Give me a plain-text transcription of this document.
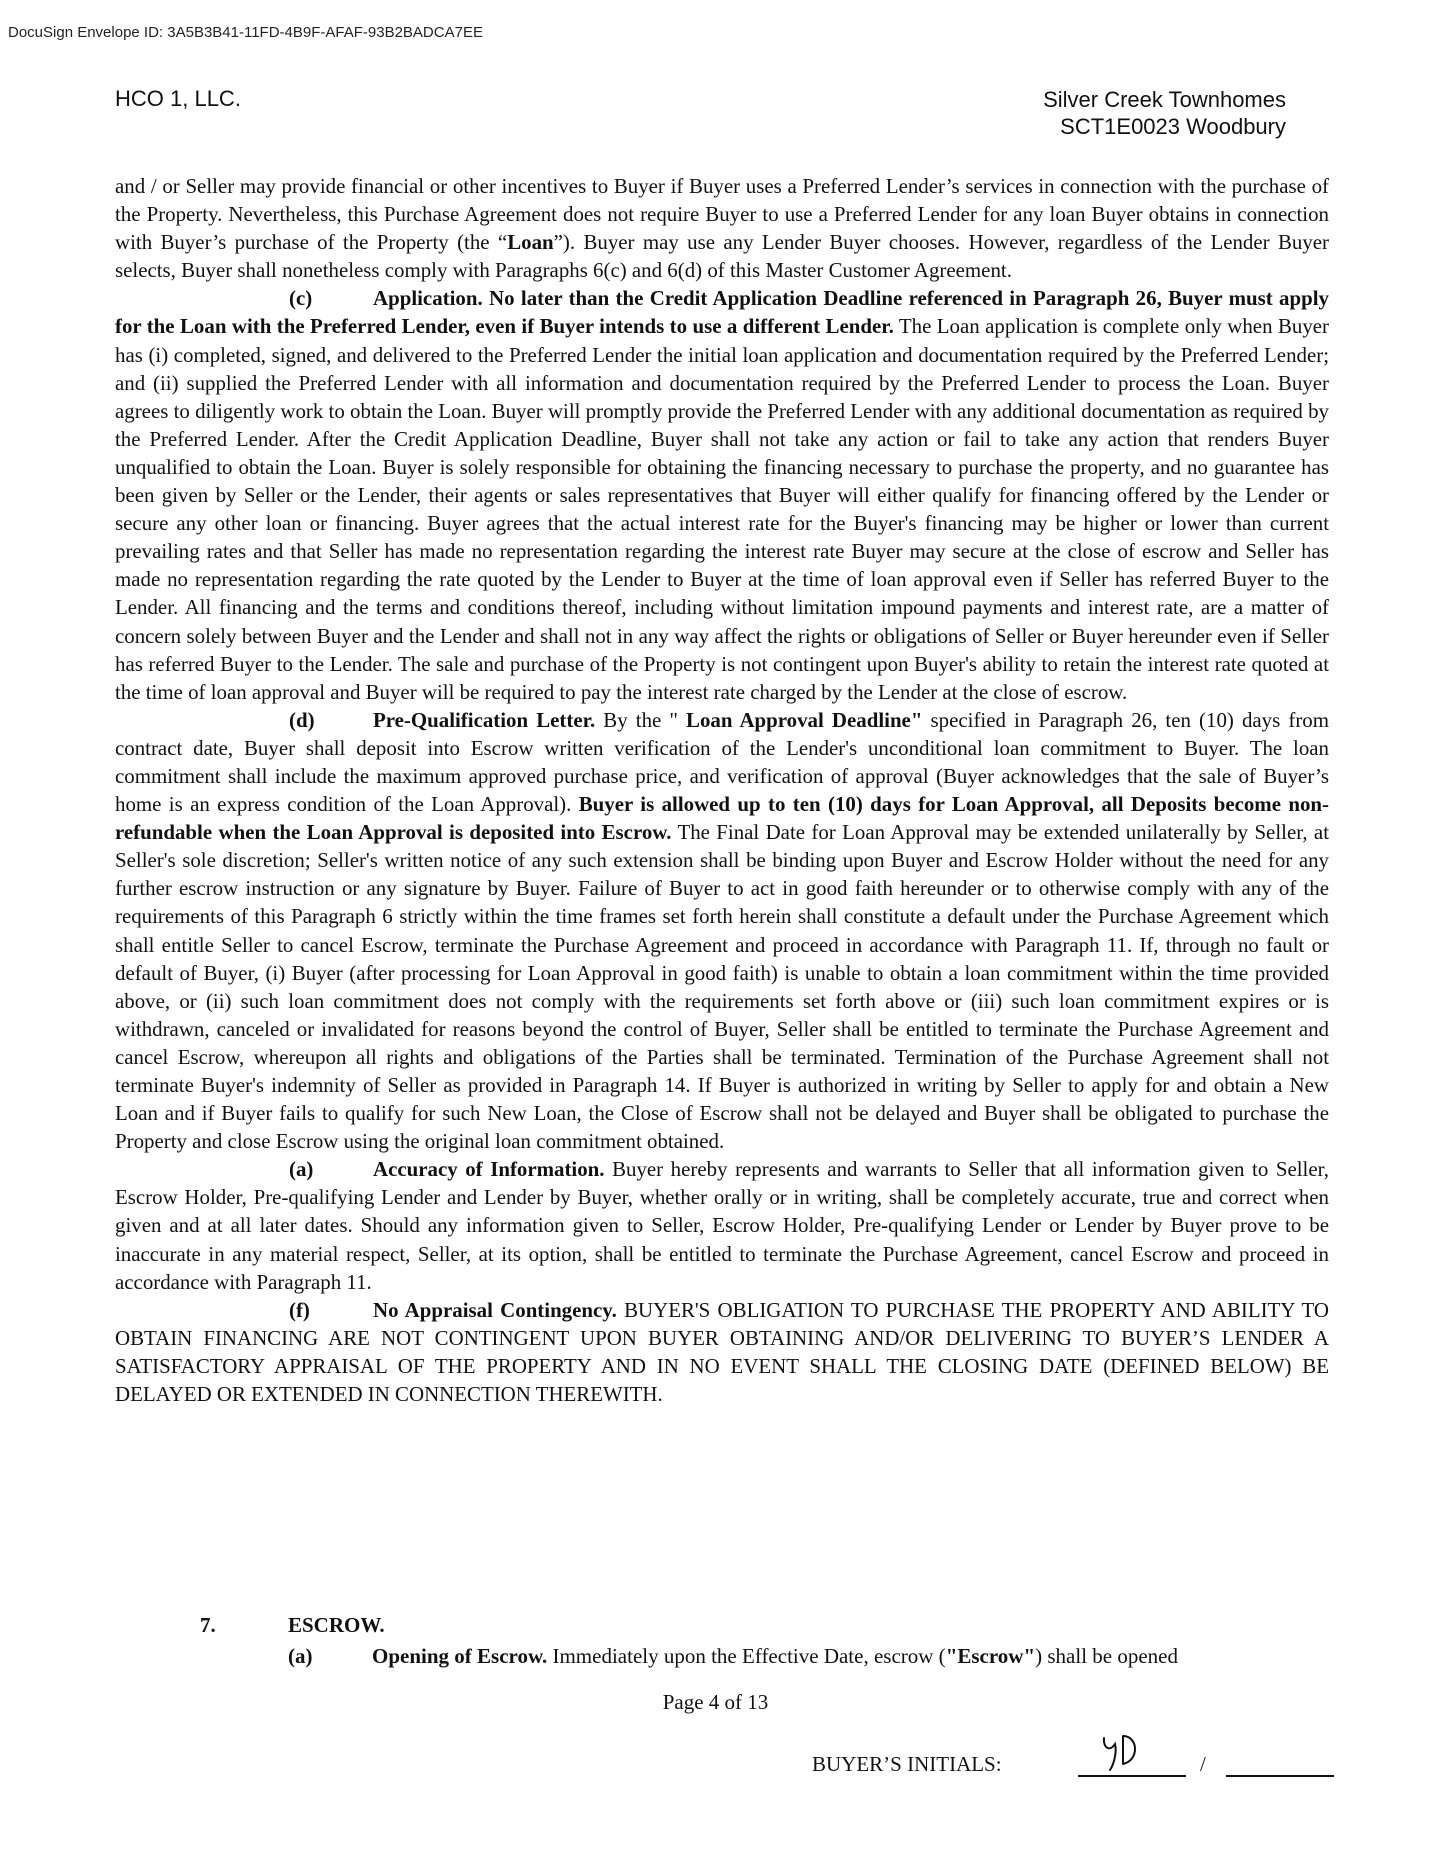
DocuSign Envelope ID: 3A5B3B41-11FD-4B9F-AFAF-93B2BADCA7EE
HCO 1, LLC.	Silver Creek Townhomes
SCT1E0023 Woodbury

and / or Seller may provide financial or other incentives to Buyer if Buyer uses a Preferred Lender’s services in connection with the purchase of the Property. Nevertheless, this Purchase Agreement does not require Buyer to use a Preferred Lender for any loan Buyer obtains in connection with Buyer’s purchase of the Property (the “Loan”). Buyer may use any Lender Buyer chooses. However, regardless of the Lender Buyer selects, Buyer shall nonetheless comply with Paragraphs 6(c) and 6(d) of this Master Customer Agreement.

(c)	Application. No later than the Credit Application Deadline referenced in Paragraph 26, Buyer must apply for the Loan with the Preferred Lender, even if Buyer intends to use a different Lender. The Loan application is complete only when Buyer has (i) completed, signed, and delivered to the Preferred Lender the initial loan application and documentation required by the Preferred Lender; and (ii) supplied the Preferred Lender with all information and documentation required by the Preferred Lender to process the Loan. Buyer agrees to diligently work to obtain the Loan. Buyer will promptly provide the Preferred Lender with any additional documentation as required by the Preferred Lender. After the Credit Application Deadline, Buyer shall not take any action or fail to take any action that renders Buyer unqualified to obtain the Loan. Buyer is solely responsible for obtaining the financing necessary to purchase the property, and no guarantee has been given by Seller or the Lender, their agents or sales representatives that Buyer will either qualify for financing offered by the Lender or secure any other loan or financing. Buyer agrees that the actual interest rate for the Buyer's financing may be higher or lower than current prevailing rates and that Seller has made no representation regarding the interest rate Buyer may secure at the close of escrow and Seller has made no representation regarding the rate quoted by the Lender to Buyer at the time of loan approval even if Seller has referred Buyer to the Lender. All financing and the terms and conditions thereof, including without limitation impound payments and interest rate, are a matter of concern solely between Buyer and the Lender and shall not in any way affect the rights or obligations of Seller or Buyer hereunder even if Seller has referred Buyer to the Lender. The sale and purchase of the Property is not contingent upon Buyer's ability to retain the interest rate quoted at the time of loan approval and Buyer will be required to pay the interest rate charged by the Lender at the close of escrow.

(d)	Pre-Qualification Letter. By the " Loan Approval Deadline" specified in Paragraph 26, ten (10) days from contract date, Buyer shall deposit into Escrow written verification of the Lender's unconditional loan commitment to Buyer. The loan commitment shall include the maximum approved purchase price, and verification of approval (Buyer acknowledges that the sale of Buyer’s home is an express condition of the Loan Approval). Buyer is allowed up to ten (10) days for Loan Approval, all Deposits become non-refundable when the Loan Approval is deposited into Escrow. The Final Date for Loan Approval may be extended unilaterally by Seller, at Seller's sole discretion; Seller's written notice of any such extension shall be binding upon Buyer and Escrow Holder without the need for any further escrow instruction or any signature by Buyer. Failure of Buyer to act in good faith hereunder or to otherwise comply with any of the requirements of this Paragraph 6 strictly within the time frames set forth herein shall constitute a default under the Purchase Agreement which shall entitle Seller to cancel Escrow, terminate the Purchase Agreement and proceed in accordance with Paragraph 11. If, through no fault or default of Buyer, (i) Buyer (after processing for Loan Approval in good faith) is unable to obtain a loan commitment within the time provided above, or (ii) such loan commitment does not comply with the requirements set forth above or (iii) such loan commitment expires or is withdrawn, canceled or invalidated for reasons beyond the control of Buyer, Seller shall be entitled to terminate the Purchase Agreement and cancel Escrow, whereupon all rights and obligations of the Parties shall be terminated. Termination of the Purchase Agreement shall not terminate Buyer's indemnity of Seller as provided in Paragraph 14. If Buyer is authorized in writing by Seller to apply for and obtain a New Loan and if Buyer fails to qualify for such New Loan, the Close of Escrow shall not be delayed and Buyer shall be obligated to purchase the Property and close Escrow using the original loan commitment obtained.

(a)	Accuracy of Information. Buyer hereby represents and warrants to Seller that all information given to Seller, Escrow Holder, Pre-qualifying Lender and Lender by Buyer, whether orally or in writing, shall be completely accurate, true and correct when given and at all later dates. Should any information given to Seller, Escrow Holder, Pre-qualifying Lender or Lender by Buyer prove to be inaccurate in any material respect, Seller, at its option, shall be entitled to terminate the Purchase Agreement, cancel Escrow and proceed in accordance with Paragraph 11.

(f)	No Appraisal Contingency. BUYER'S OBLIGATION TO PURCHASE THE PROPERTY AND ABILITY TO OBTAIN FINANCING ARE NOT CONTINGENT UPON BUYER OBTAINING AND/OR DELIVERING TO BUYER’S LENDER A SATISFACTORY APPRAISAL OF THE PROPERTY AND IN NO EVENT SHALL THE CLOSING DATE (DEFINED BELOW) BE DELAYED OR EXTENDED IN CONNECTION THEREWITH.

7.	ESCROW.
(a)	Opening of Escrow. Immediately upon the Effective Date, escrow ("Escrow") shall be opened
Page 4 of 13
BUYER’S INITIALS:	/
